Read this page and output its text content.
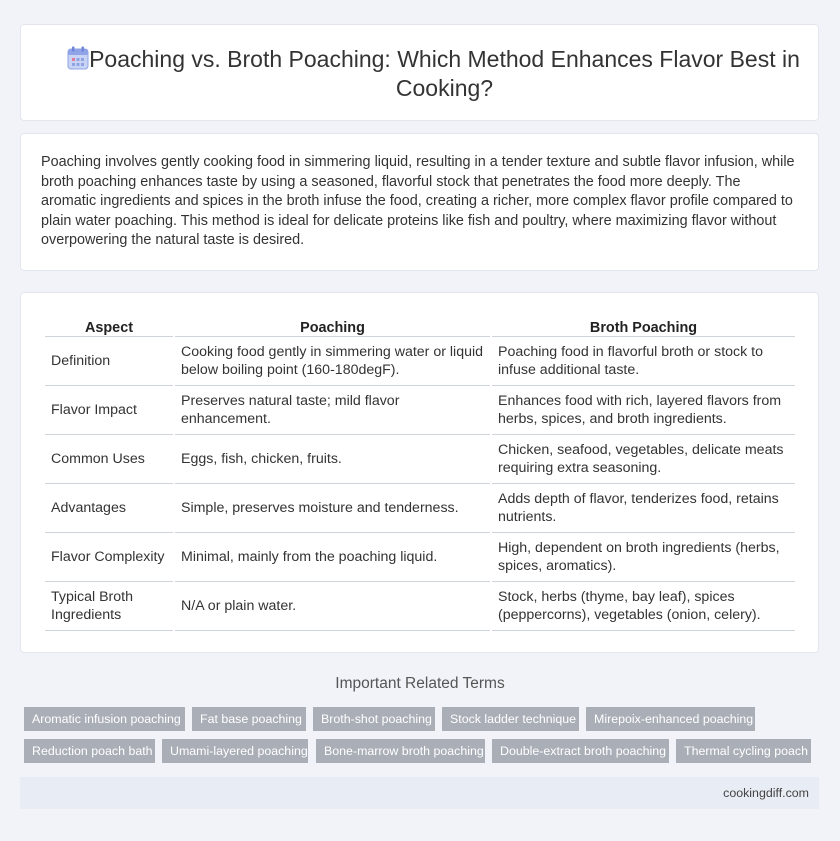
Poaching vs. Broth Poaching: Which Method Enhances Flavor Best in Cooking?

Poaching involves gently cooking food in simmering liquid, resulting in a tender texture and subtle flavor infusion, while broth poaching enhances taste by using a seasoned, flavorful stock that penetrates the food more deeply. The aromatic ingredients and spices in the broth infuse the food, creating a richer, more complex flavor profile compared to plain water poaching. This method is ideal for delicate proteins like fish and poultry, where maximizing flavor without overpowering the natural taste is desired.

Aspect	Poaching	Broth Poaching
Definition	Cooking food gently in simmering water or liquid below boiling point (160-180degF).	Poaching food in flavorful broth or stock to infuse additional taste.
Flavor Impact	Preserves natural taste; mild flavor enhancement.	Enhances food with rich, layered flavors from herbs, spices, and broth ingredients.
Common Uses	Eggs, fish, chicken, fruits.	Chicken, seafood, vegetables, delicate meats requiring extra seasoning.
Advantages	Simple, preserves moisture and tenderness.	Adds depth of flavor, tenderizes food, retains nutrients.
Flavor Complexity	Minimal, mainly from the poaching liquid.	High, dependent on broth ingredients (herbs, spices, aromatics).
Typical Broth Ingredients	N/A or plain water.	Stock, herbs (thyme, bay leaf), spices (peppercorns), vegetables (onion, celery).
Important Related Terms
Aromatic infusion poaching	Fat base poaching	Broth-shot poaching	Stock ladder technique	Mirepoix-enhanced poaching
Reduction poach bath	Umami-layered poaching	Bone-marrow broth poaching	Double-extract broth poaching	Thermal cycling poach
cookingdiff.com
